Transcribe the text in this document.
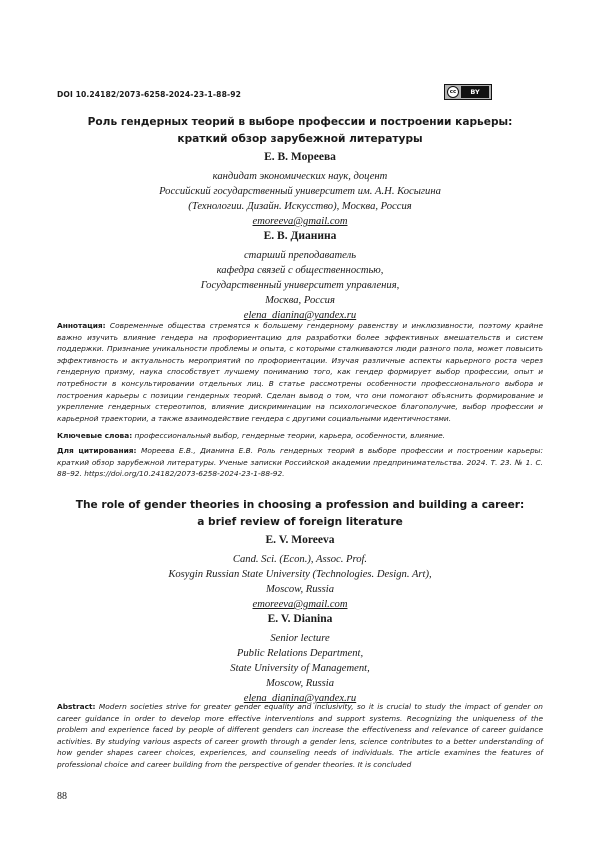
DOI 10.24182/2073-6258-2024-23-1-88-92	cc	BY
Роль гендерных теорий в выборе профессии и построении карьеры:
краткий обзор зарубежной литературы
Е. В. Мореева
кандидат экономических наук, доцент
Российский государственный университет им. А.Н. Косыгина
(Технологии. Дизайн. Искусство), Москва, Россия
emoreeva@gmail.com
Е. В. Дианина
старший преподаватель
кафедра связей с общественностью,
Государственный университет управления,
Москва, Россия
elena_dianina@yandex.ru
Аннотация: Современные общества стремятся к большему гендерному равенству и инклюзивности, поэтому крайне важно изучить влияние гендера на профориентацию для разработки более эффективных вмешательств и систем поддержки. Признание уникальности проблемы и опыта, с которыми сталкиваются люди разного пола, может повысить эффективность и актуальность мероприятий по профориентации. Изучая различные аспекты карьерного роста через гендерную призму, наука способствует лучшему пониманию того, как гендер формирует выбор профессии, опыт и потребности в консультировании отдельных лиц. В статье рассмотрены особенности профессионального выбора и построения карьеры с позиции гендерных теорий. Сделан вывод о том, что они помогают объяснить формирование и укрепление гендерных стереотипов, влияние дискриминации на психологическое благополучие, выбор профессии и карьерной траектории, а также взаимодействие гендера с другими социальными идентичностями.
Ключевые слова: профессиональный выбор, гендерные теории, карьера, особенности, влияние.
Для цитирования: Мореева Е.В., Дианина Е.В. Роль гендерных теорий в выборе профессии и построении карьеры: краткий обзор зарубежной литературы. Ученые записки Российской академии предпринимательства. 2024. Т. 23. № 1. С. 88–92. https://doi.org/10.24182/2073-6258-2024-23-1-88-92.
The role of gender theories in choosing a profession and building a career:
a brief review of foreign literature
E. V. Moreeva
Cand. Sci. (Econ.), Assoc. Prof.
Kosygin Russian State University (Technologies. Design. Art),
Moscow, Russia
emoreeva@gmail.com
E. V. Dianina
Senior lecture
Public Relations Department,
State University of Management,
Moscow, Russia
elena_dianina@yandex.ru
Abstract: Modern societies strive for greater gender equality and inclusivity, so it is crucial to study the impact of gender on career guidance in order to develop more effective interventions and support systems. Recognizing the uniqueness of the problem and experience faced by people of different genders can increase the effectiveness and relevance of career guidance activities. By studying various aspects of career growth through a gender lens, science contributes to a better understanding of how gender shapes career choices, experiences, and counseling needs of individuals. The article examines the features of professional choice and career building from the perspective of gender theories. It is concluded
88
